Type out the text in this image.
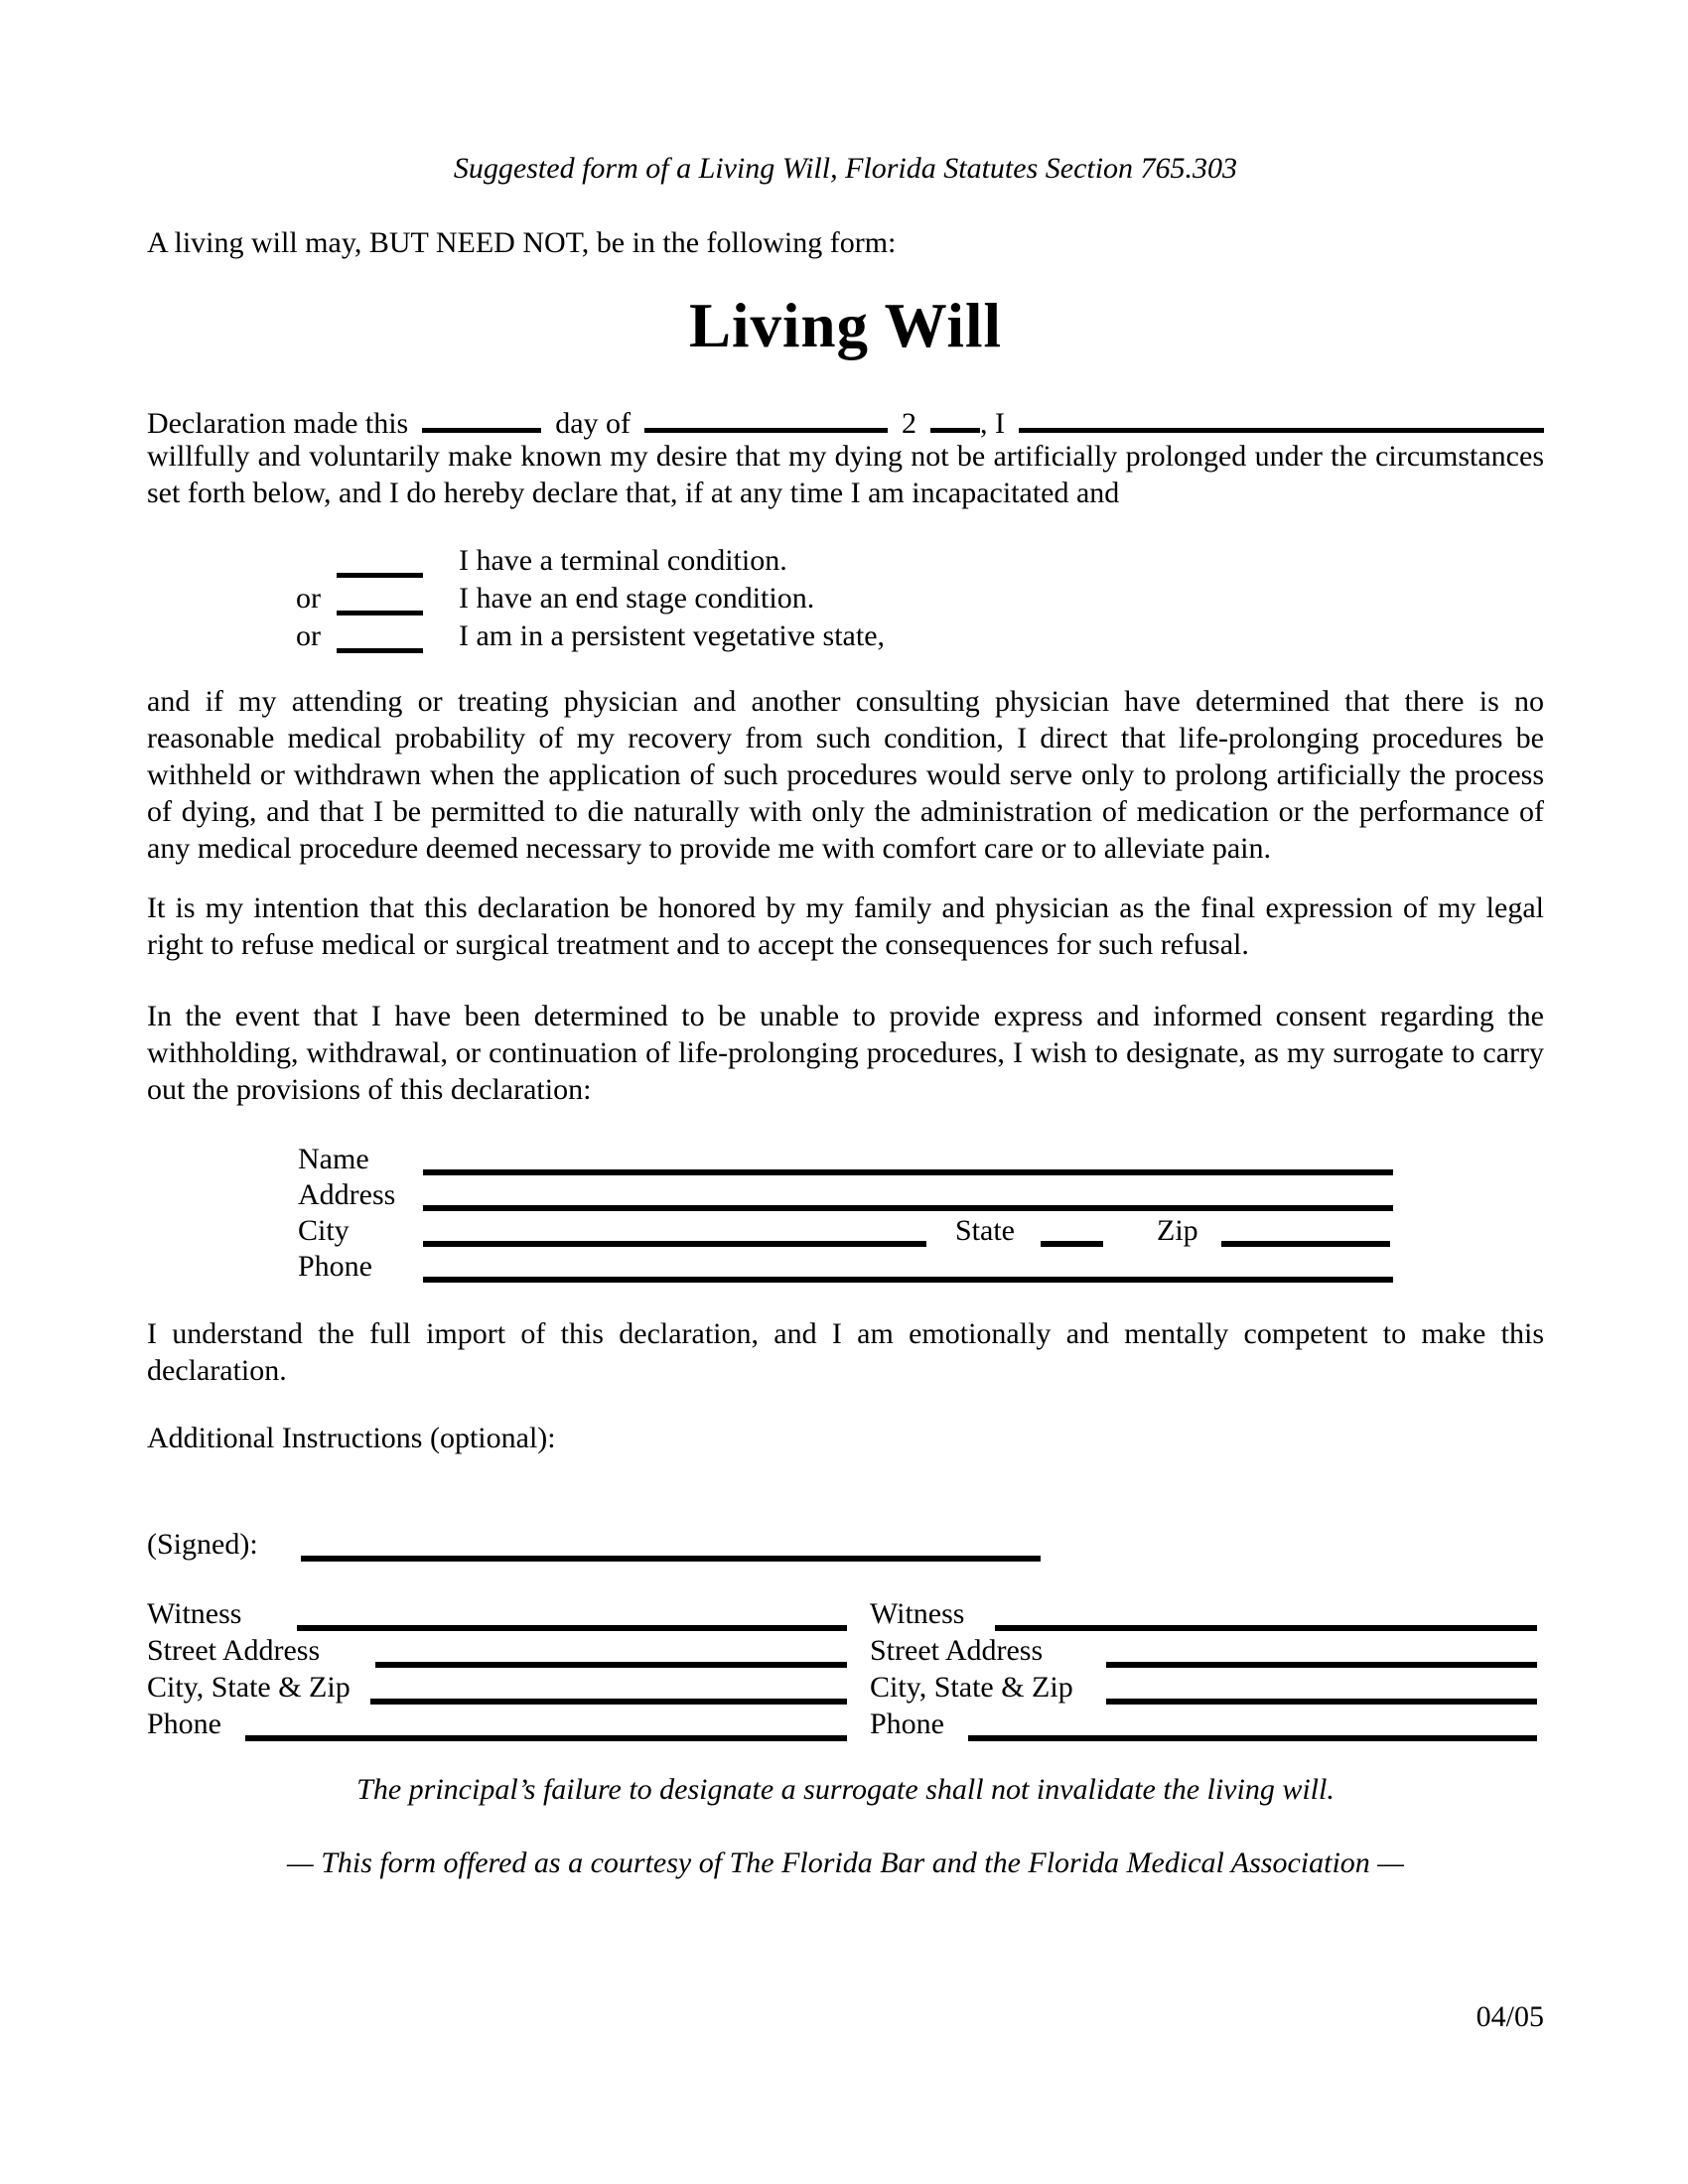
Suggested form of a Living Will, Florida Statutes Section 765.303
A living will may, BUT NEED NOT, be in the following form:
Living Will
Declaration made this	day of	2 , I
willfully and voluntarily make known my desire that my dying not be artificially prolonged under the circumstances set forth below, and I do hereby declare that, if at any time I am incapacitated and
I have a terminal condition.
or	I have an end stage condition.
or	I am in a persistent vegetative state,
and if my attending or treating physician and another consulting physician have determined that there is no reasonable medical probability of my recovery from such condition, I direct that life-prolonging procedures be withheld or withdrawn when the application of such procedures would serve only to prolong artificially the process of dying, and that I be permitted to die naturally with only the administration of medication or the performance of any medical procedure deemed necessary to provide me with comfort care or to alleviate pain.
It is my intention that this declaration be honored by my family and physician as the final expression of my legal right to refuse medical or surgical treatment and to accept the consequences for such refusal.
In the event that I have been determined to be unable to provide express and informed consent regarding the withholding, withdrawal, or continuation of life-prolonging procedures, I wish to designate, as my surrogate to carry out the provisions of this declaration:
Name
Address
City	State	Zip
Phone
I understand the full import of this declaration, and I am emotionally and mentally competent to make this declaration.
Additional Instructions (optional):
(Signed):
Witness
Street Address
City, State & Zip
Phone
Witness
Street Address
City, State & Zip
Phone
The principal’s failure to designate a surrogate shall not invalidate the living will.
— This form offered as a courtesy of The Florida Bar and the Florida Medical Association —
04/05
